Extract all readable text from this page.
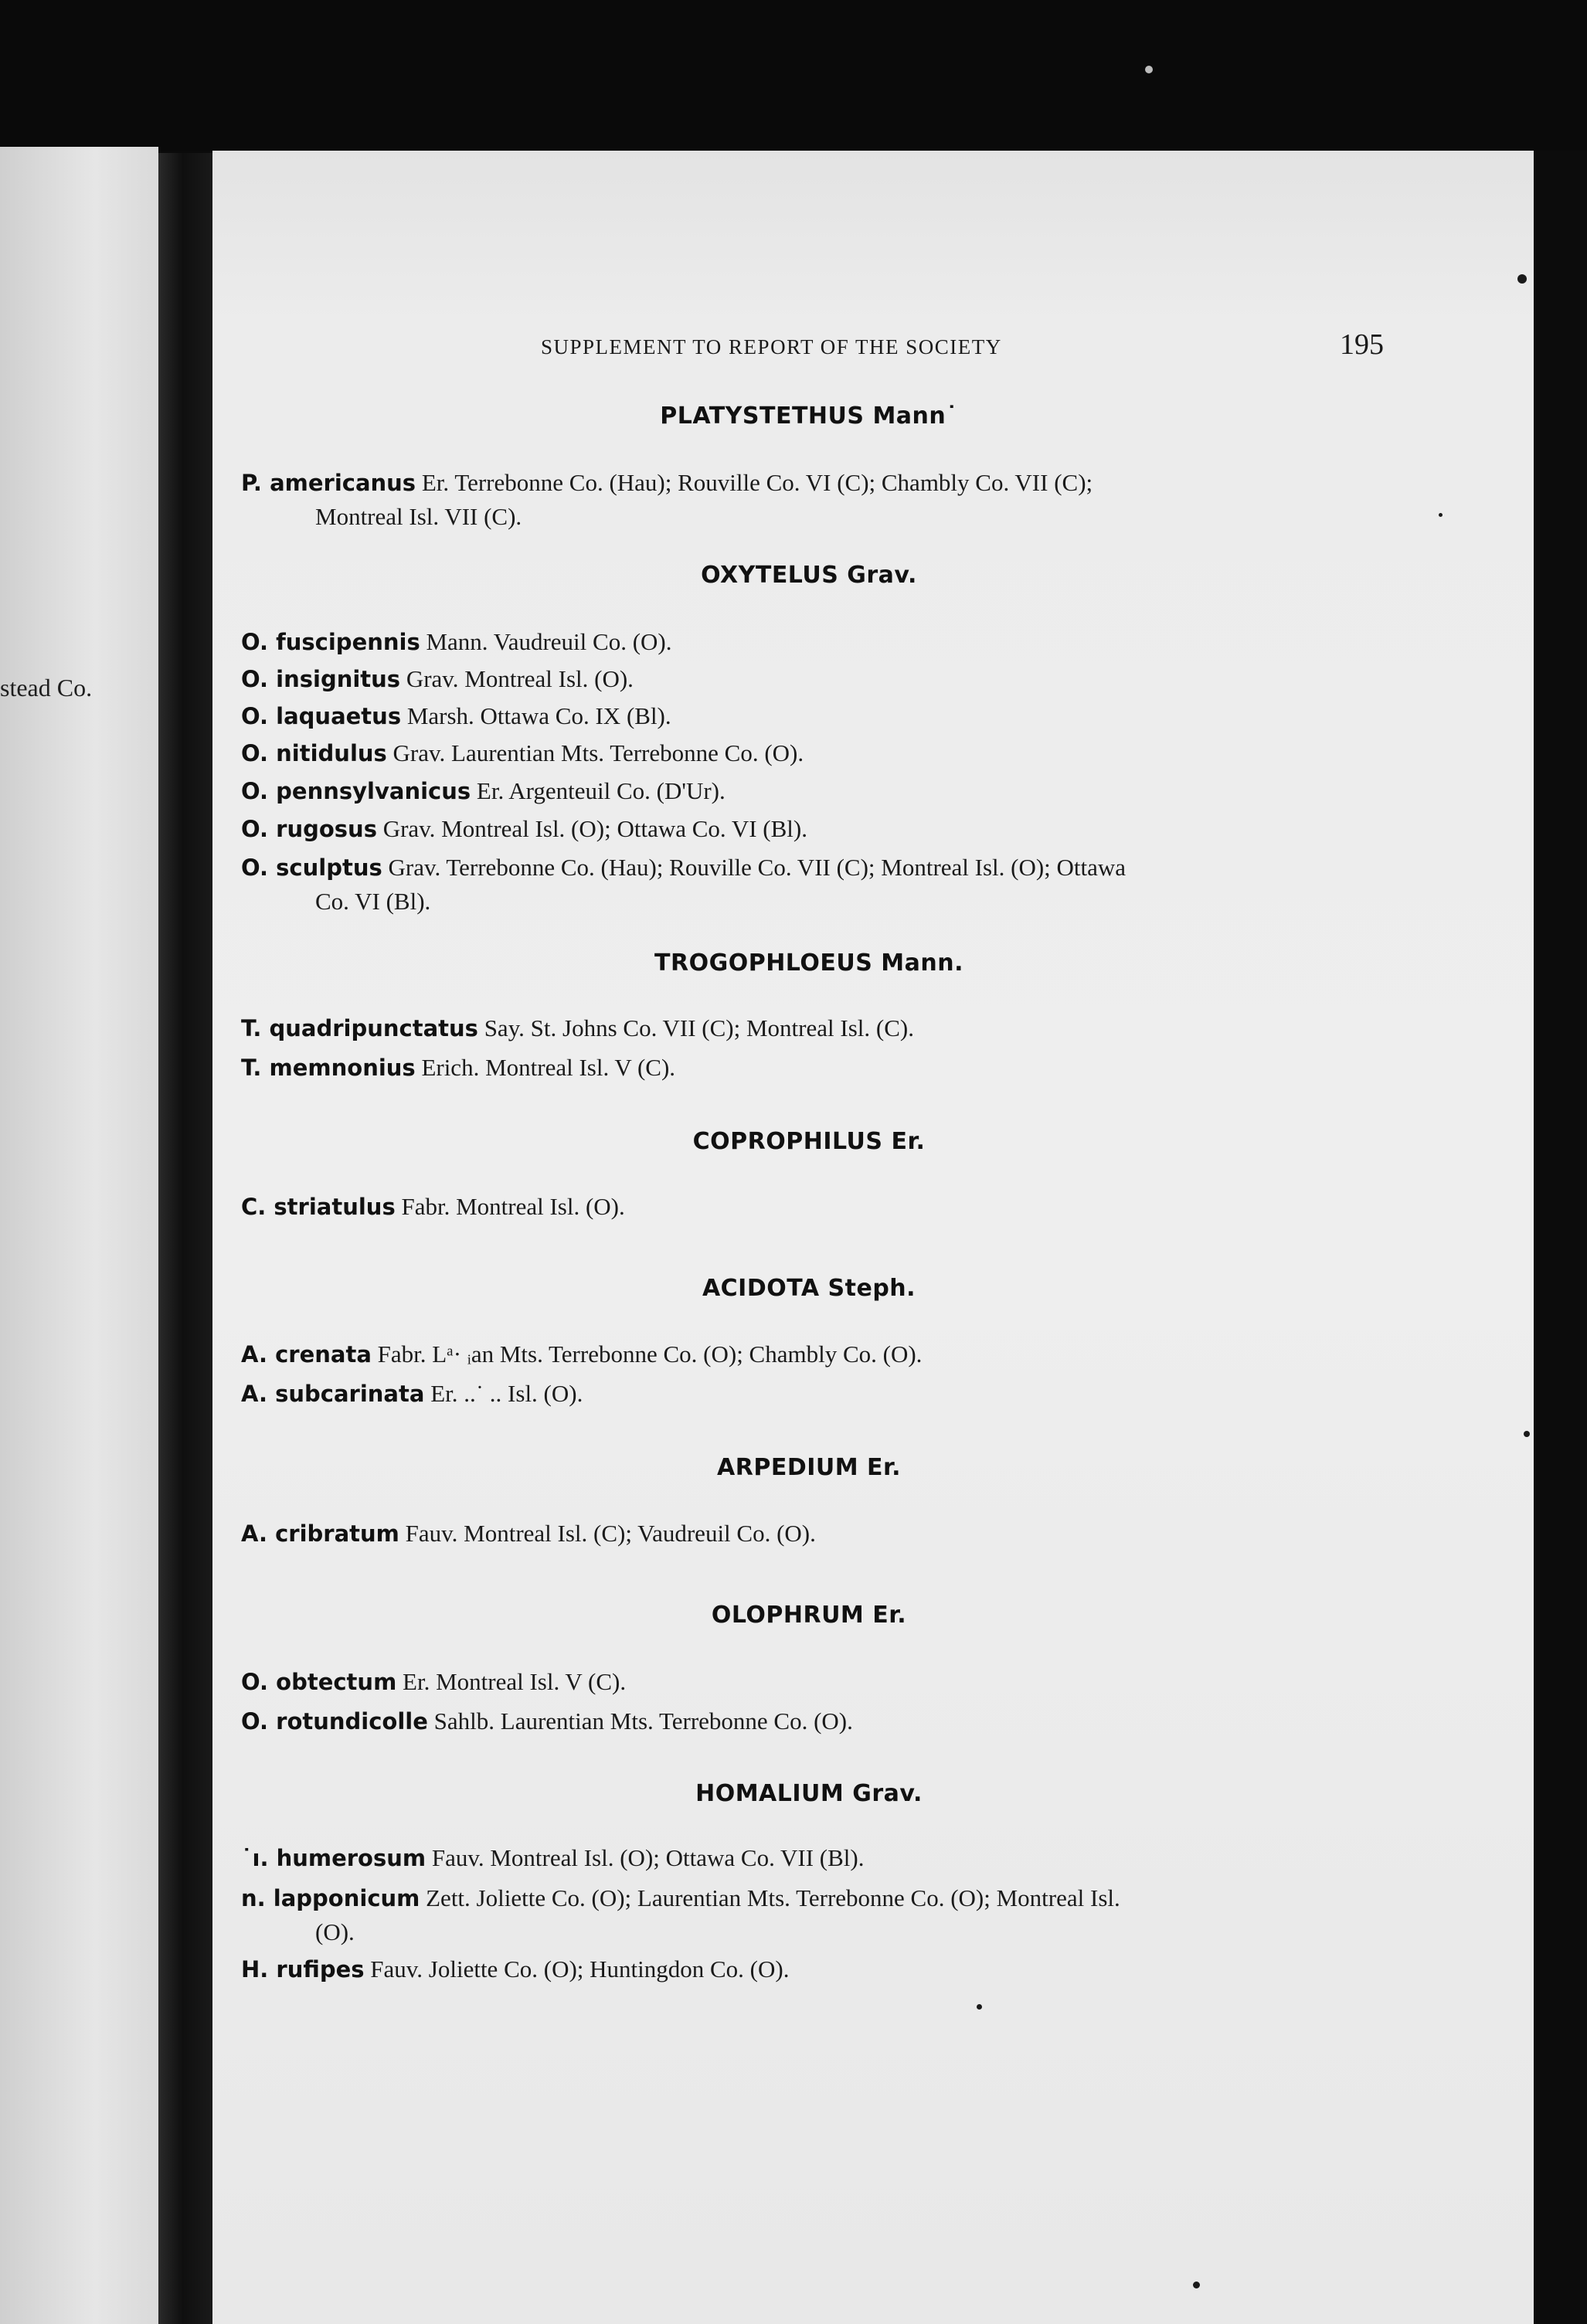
stead Co.
SUPPLEMENT TO REPORT OF THE SOCIETY	195
PLATYSTETHUS Mann˙
P. americanus Er. Terrebonne Co. (Hau); Rouville Co. VI (C); Chambly Co. VII (C);
Montreal Isl. VII (C).
OXYTELUS Grav.
O. fuscipennis Mann. Vaudreuil Co. (O).
O. insignitus Grav. Montreal Isl. (O).
O. laquaetus Marsh. Ottawa Co. IX (Bl).
O. nitidulus Grav. Laurentian Mts. Terrebonne Co. (O).
O. pennsylvanicus Er. Argenteuil Co. (D'Ur).
O. rugosus Grav. Montreal Isl. (O); Ottawa Co. VI (Bl).
O. sculptus Grav. Terrebonne Co. (Hau); Rouville Co. VII (C); Montreal Isl. (O); Ottawa
Co. VI (Bl).
TROGOPHLOEUS Mann.
T. quadripunctatus Say. St. Johns Co. VII (C); Montreal Isl. (C).
T. memnonius Erich. Montreal Isl. V (C).
COPROPHILUS Er.
C. striatulus Fabr. Montreal Isl. (O).
ACIDOTA Steph.
A. crenata Fabr. Lᵃ· ᵢan Mts. Terrebonne Co. (O); Chambly Co. (O).
A. subcarinata Er. ..˙ .. Isl. (O).
ARPEDIUM Er.
A. cribratum Fauv. Montreal Isl. (C); Vaudreuil Co. (O).
OLOPHRUM Er.
O. obtectum Er. Montreal Isl. V (C).
O. rotundicolle Sahlb. Laurentian Mts. Terrebonne Co. (O).
HOMALIUM Grav.
˙ı. humerosum Fauv. Montreal Isl. (O); Ottawa Co. VII (Bl).
n. lapponicum Zett. Joliette Co. (O); Laurentian Mts. Terrebonne Co. (O); Montreal Isl.
(O).
H. rufipes Fauv. Joliette Co. (O); Huntingdon Co. (O).
